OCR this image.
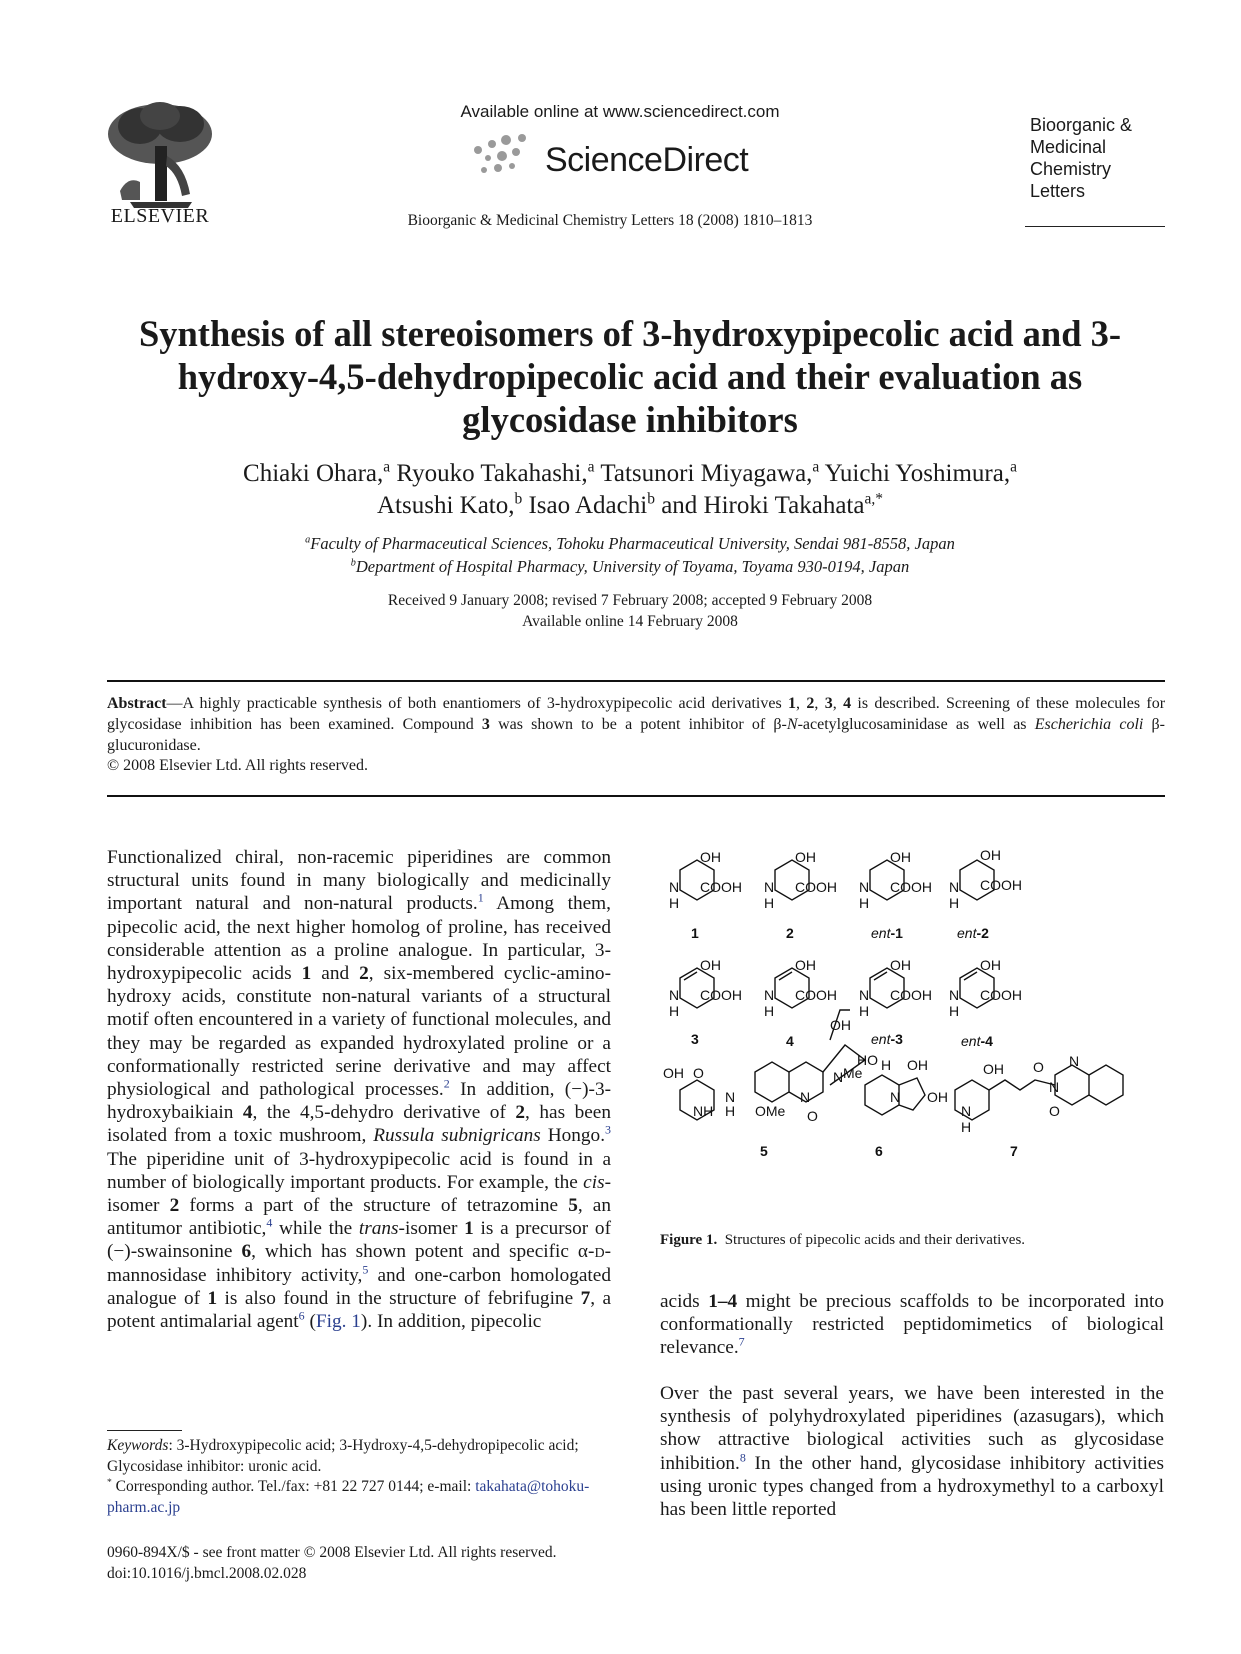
ELSEVIER
Available online at www.sciencedirect.com
ScienceDirect
Bioorganic & Medicinal Chemistry Letters 18 (2008) 1810–1813
Bioorganic &
Medicinal
Chemistry
Letters
Synthesis of all stereoisomers of 3-hydroxypipecolic acid and 3-hydroxy-4,5-dehydropipecolic acid and their evaluation as glycosidase inhibitors
Chiaki Ohara,$^a$ Ryouko Takahashi,$^a$ Tatsunori Miyagawa,$^a$ Yuichi Yoshimura,$^a$
Atsushi Kato,$^b$ Isao Adachi$^b$ and Hiroki Takahata$^{a,*}$
$^a$Faculty of Pharmaceutical Sciences, Tohoku Pharmaceutical University, Sendai 981-8558, Japan
$^b$Department of Hospital Pharmacy, University of Toyama, Toyama 930-0194, Japan
Received 9 January 2008; revised 7 February 2008; accepted 9 February 2008
Available online 14 February 2008
Abstract—A highly practicable synthesis of both enantiomers of 3-hydroxypipecolic acid derivatives 1, 2, 3, 4 is described. Screening of these molecules for glycosidase inhibition has been examined. Compound 3 was shown to be a potent inhibitor of β-N-acetylglucosaminidase as well as Escherichia coli β-glucuronidase.
© 2008 Elsevier Ltd. All rights reserved.
Functionalized chiral, non-racemic piperidines are common structural units found in many biologically and medicinally important natural and non-natural products.$^1$ Among them, pipecolic acid, the next higher homolog of proline, has received considerable attention as a proline analogue. In particular, 3-hydroxypipecolic acids 1 and 2, six-membered cyclic-amino-hydroxy acids, constitute non-natural variants of a structural motif often encountered in a variety of functional molecules, and they may be regarded as expanded hydroxylated proline or a conformationally restricted serine derivative and may affect physiological and pathological processes.$^2$ In addition, (−)-3-hydroxybaikiain 4, the 4,5-dehydro derivative of 2, has been isolated from a toxic mushroom, Russula subnigricans Hongo.$^3$ The piperidine unit of 3-hydroxypipecolic acid is found in a number of biologically important products. For example, the cis-isomer 2 forms a part of the structure of tetrazomine 5, an antitumor antibiotic,$^4$ while the trans-isomer 1 is a precursor of (−)-swainsonine 6, which has shown potent and specific α-d-mannosidase inhibitory activity,$^5$ and one-carbon homologated analogue of 1 is also found in the structure of febrifugine 7, a potent antimalarial agent$^6$ (Fig. 1). In addition, pipecolic
OH
N
H
COOH
OH
N
H
COOH
OH
N
H
COOH
OH
N
H
COOH
OH
N
H
COOH
OH
N
H
COOH
OH
N
H
COOH
OH
N
H
COOH
OH O
NH
N
H OMe
OH
N Me
N
O
HO H OH
N OH
OH O
N
H
N
N
O
1	2	ent-1	ent-2
3	4	ent-3	ent-4
5	6	7
Figure 1. Structures of pipecolic acids and their derivatives.
acids 1–4 might be precious scaffolds to be incorporated into conformationally restricted peptidomimetics of biological relevance.$^7$
Over the past several years, we have been interested in the synthesis of polyhydroxylated piperidines (azasugars), which show attractive biological activities such as glycosidase inhibition.$^8$ In the other hand, glycosidase inhibitory activities using uronic types changed from a hydroxymethyl to a carboxyl has been little reported
Keywords: 3-Hydroxypipecolic acid; 3-Hydroxy-4,5-dehydropipecolic acid; Glycosidase inhibitor: uronic acid.
* Corresponding author. Tel./fax: +81 22 727 0144; e-mail: takahata@tohoku-pharm.ac.jp
0960-894X/$ - see front matter © 2008 Elsevier Ltd. All rights reserved.
doi:10.1016/j.bmcl.2008.02.028
